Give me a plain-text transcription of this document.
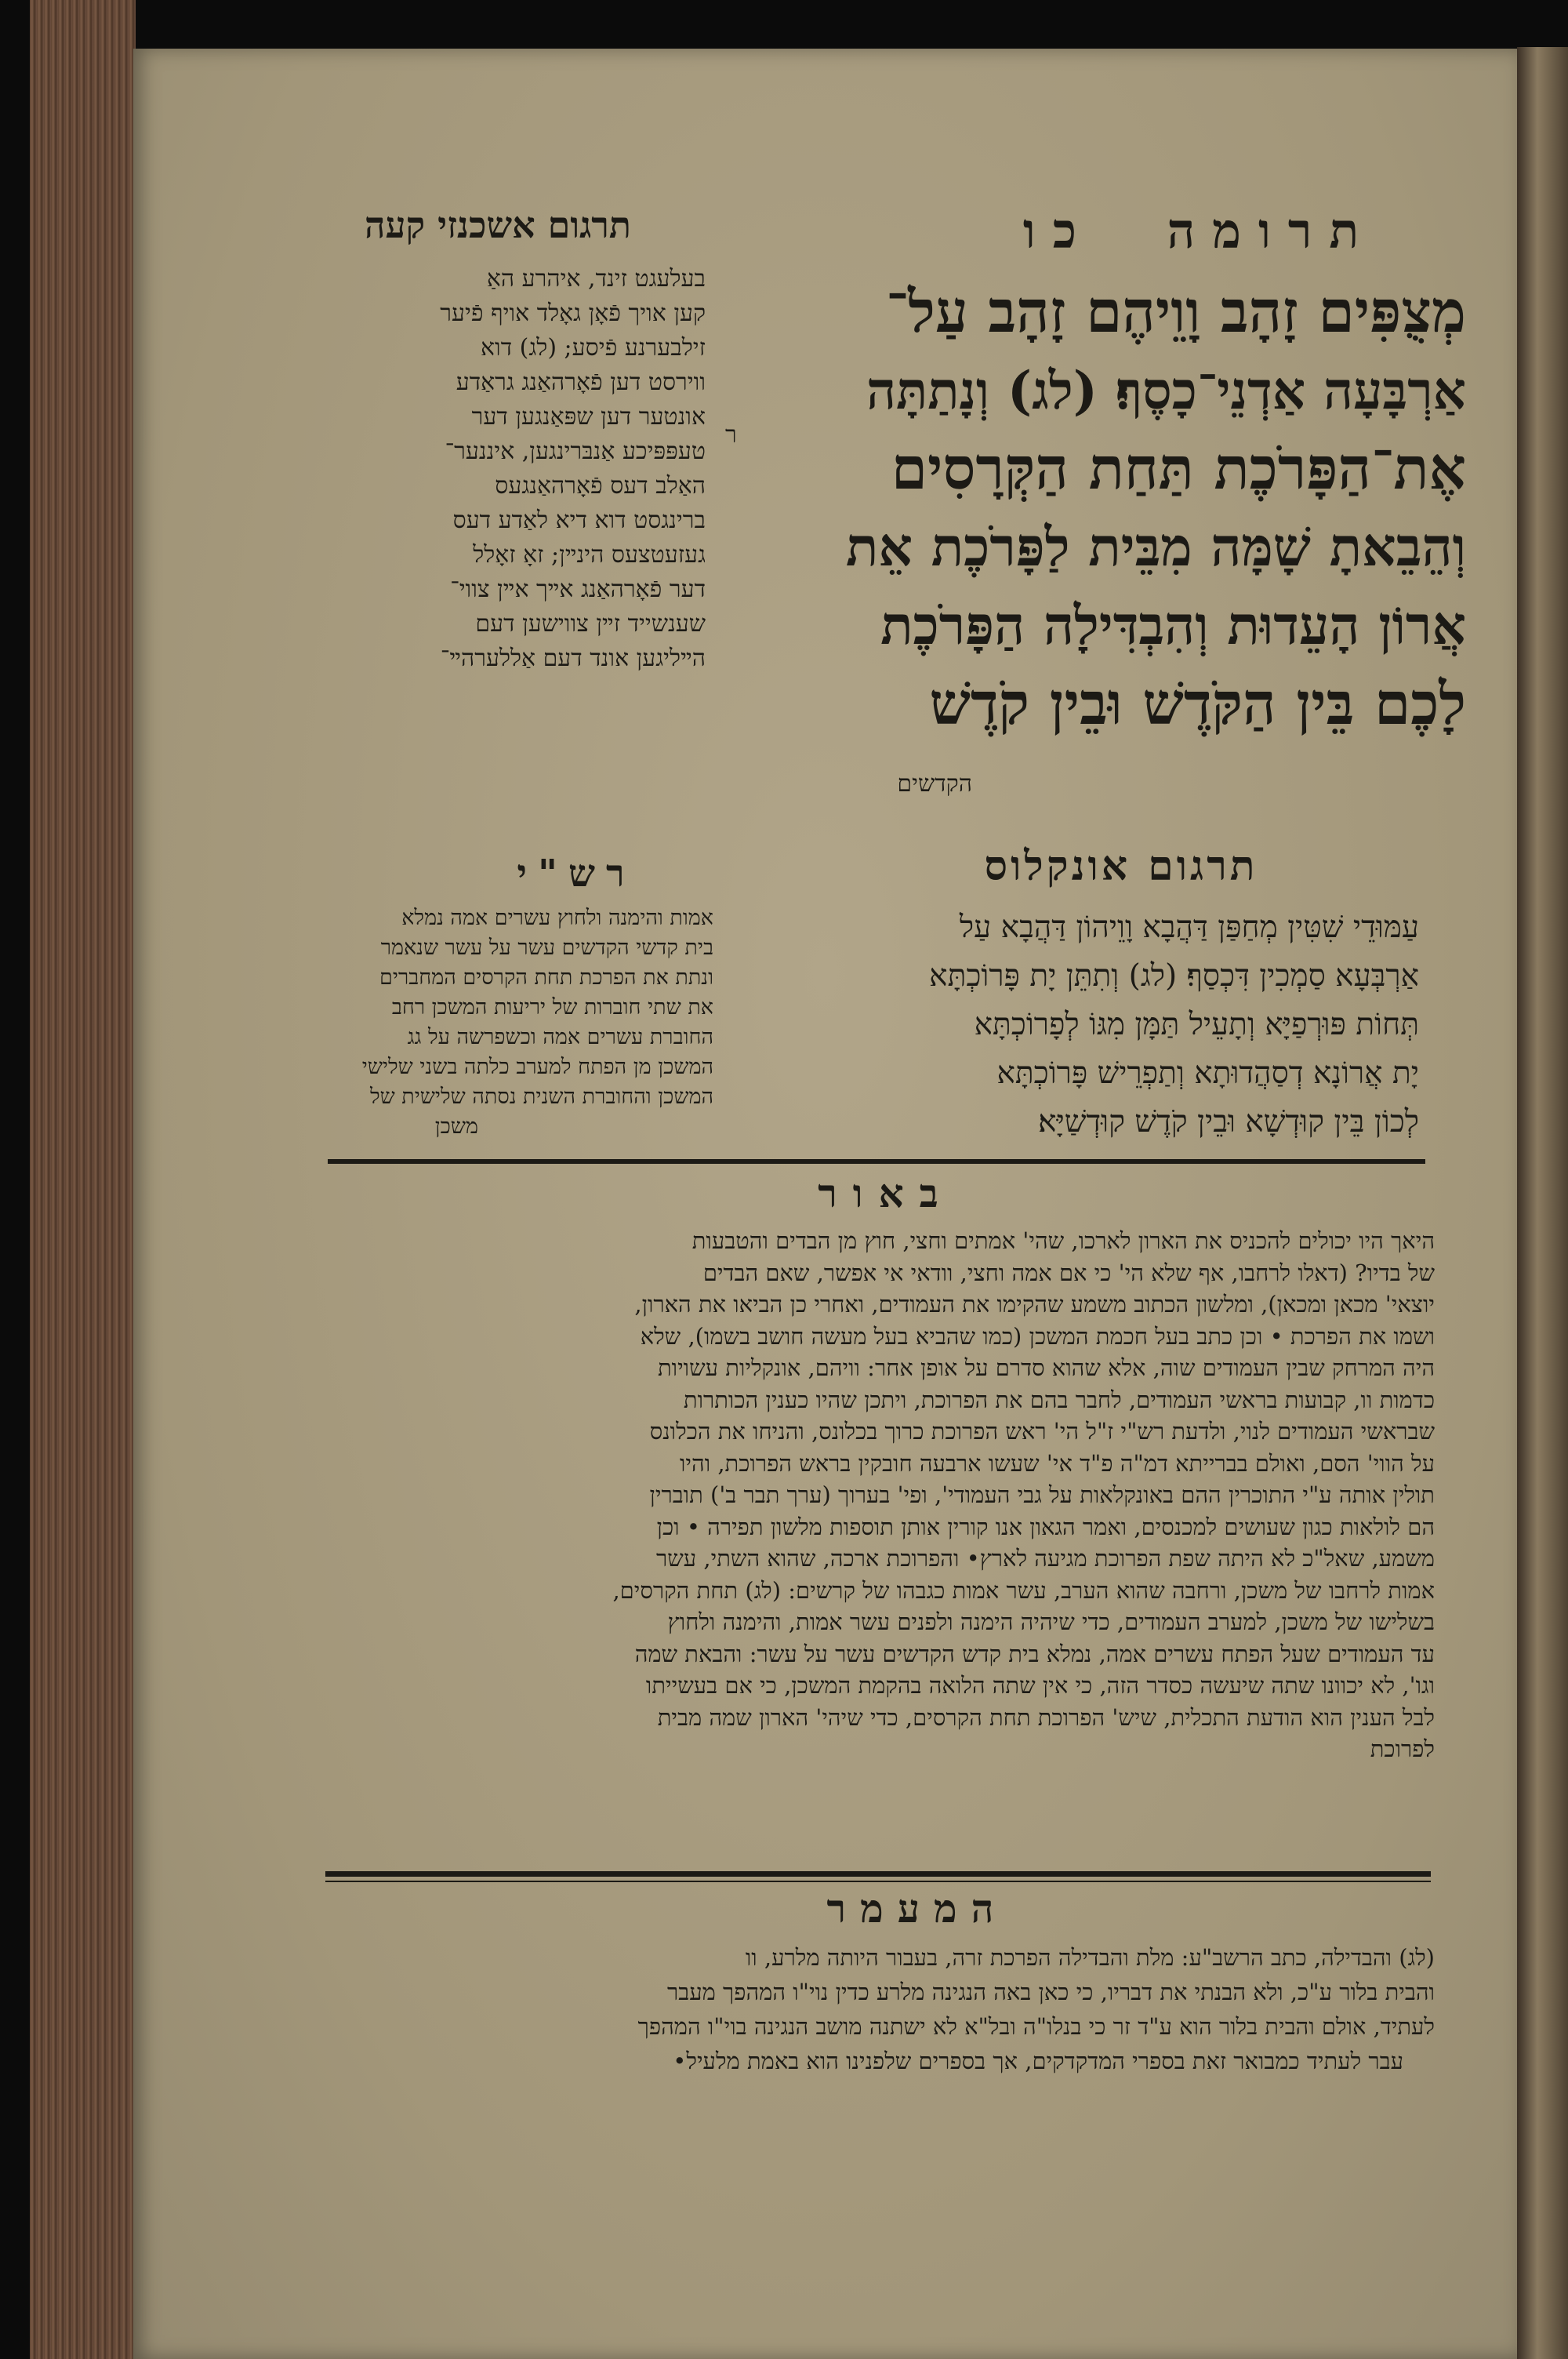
תרומה כו
תרגום אשכנזי קעה
בעלעגט זינד, איהרע האַ
קען אויך פֿאָן גאָלד אויף פֿיער
זילבערנע פֿיסע; (לג) דוא
ווירסט דען פֿאָרהאַנג גראַדע
אונטער דען שפּאַנגען דער
טעפּפּיכע אַנבּרינגען, איננער־
האַלב דעס פֿאָרהאַנגעס
ברינגסט דוא דיא לאַדע דעס
געזעטצעס הינײן; זאָ זאָלל
דער פֿאָרהאַנג אײך אײן צווי־
שענשייד זײן צווישען דעם
הײליגען אונד דעם אַללערהײ־
ר
מְצֻפִּים זָהָב וָוֵיהֶם זָהָב עַל־
אַרְבָּעָה אַדְנֵי־כָסֶף׃ (לג) וְנָתַתָּה
אֶת־הַפָּרֹכֶת תַּחַת הַקְּרָסִים
וְהֵבֵאתָ שָׁמָּה מִבֵּית לַפָּרֹכֶת אֵת
אֲרוֹן הָעֵדוּת וְהִבְדִּילָה הַפָּרֹכֶת
לָכֶם בֵּין הַקֹּדֶשׁ וּבֵין קֹדֶשׁ
הקדשים
רש"י
אמות והימנה ולחוץ עשרים אמה נמלא
בית קדשי הקדשים עשר על עשר שנאמר
ונתת את הפרכת תחת הקרסים המחברים
את שתי חוברות של יריעות המשכן רחב
החוברת עשרים אמה וכשפרשה על גג
המשכן מן הפתח למערב כלתה בשני שלישי
המשכן והחוברת השנית נסתה שלישית של
משכן
תרגום אונקלוס
עַמּוּדֵי שִׁטִּין מְחַפַּן דַּהֲבָא וָוֵיהוֹן דַּהֲבָא עַל
אַרְבְּעָא סַמְכִין דִּכְסַף׃ (לג) וְתִתֵּן יָת פָּרוֹכְתָּא
תְּחוֹת פּוּרְפַיָּא וְתָעֵיל תַּמָּן מִגּוֹ לְפָרוֹכְתָּא
יָת אֲרוֹנָא דְסַהֲדוּתָא וְתַפְרֵישׁ פָּרוֹכְתָּא
לְכוֹן בֵּין קוּדְשָׁא וּבֵין קֹדֶשׁ קוּדְשַׁיָּא׃
באור
היאך היו יכולים להכניס את הארון לארכו, שהי' אמתים וחצי, חוץ מן הבדים והטבעות
של בדיו? (דאלו לרחבו, אף שלא הי' כי אם אמה וחצי, וודאי אי אפשר, שאם הבדים
יוצאי' מכאן ומכאן), ומלשון הכתוב משמע שהקימו את העמודים, ואחרי כן הביאו את הארון,
ושמו את הפרכת • וכן כתב בעל חכמת המשכן (כמו שהביא בעל מעשה חושב בשמו), שלא
היה המרחק שבין העמודים שוה, אלא שהוא סדרם על אופן אחר: וויהם, אונקליות עשויות
כדמות וו, קבועות בראשי העמודים, לחבר בהם את הפרוכת, ויתכן שהיו כענין הכותרות
שבראשי העמודים לנוי, ולדעת רש"י ז"ל הי' ראש הפרוכת כרוך בכלונס, והניחו את הכלונס
על הווי' הסם, ואולם בברייתא דמ"ה פ"ד אי' שעשו ארבעה חובקין בראש הפרוכת, והיו
תולין אותה ע"י התוכרין ההם באונקלאות על גבי העמודי', ופי' בערוך (ערך תבר ב') תוברין
הם לולאות כגון שעושים למכנסים, ואמר הגאון אנו קורין אותן תוספות מלשון תפירה • וכן
משמע, שאל"כ לא היתה שפת הפרוכת מגיעה לארץ• והפרוכת ארכה, שהוא השתי, עשר
אמות לרחבו של משכן, ורחבה שהוא הערב, עשר אמות כגבהו של קרשים: (לג) תחת הקרסים,
בשלישו של משכן, למערב העמודים, כדי שיהיה הימנה ולפנים עשר אמות, והימנה ולחוץ
עד העמודים שעל הפתח עשרים אמה, נמלא בית קדש הקדשים עשר על עשר: והבאת שמה
וגו', לא יכוונו שתה שיעשה כסדר הזה, כי אין שתה הלואה בהקמת המשכן, כי אם בעשייתו
לבל הענין הוא הודעת התכלית, שיש' הפרוכת תחת הקרסים, כדי שיהי' הארון שמה מבית
לפרוכת
המעמר
(לג) והבדילה, כתב הרשב"ע: מלת והבדילה הפרכת זרה, בעבור היותה מלרע, וו
והבית בלור ע"כ, ולא הבנתי את דבריו, כי כאן באה הנגינה מלרע כדין נוי"ו המהפך מעבר
לעתיד, אולם והבית בלור הוא ע"ד זר כי בנלו"ה ובל"א לא ישתנה מושב הנגינה בוי"ו המהפך
עבר לעתיד כמבואר זאת בספרי המדקדקים, אך בספרים שלפנינו הוא באמת מלעיל•
